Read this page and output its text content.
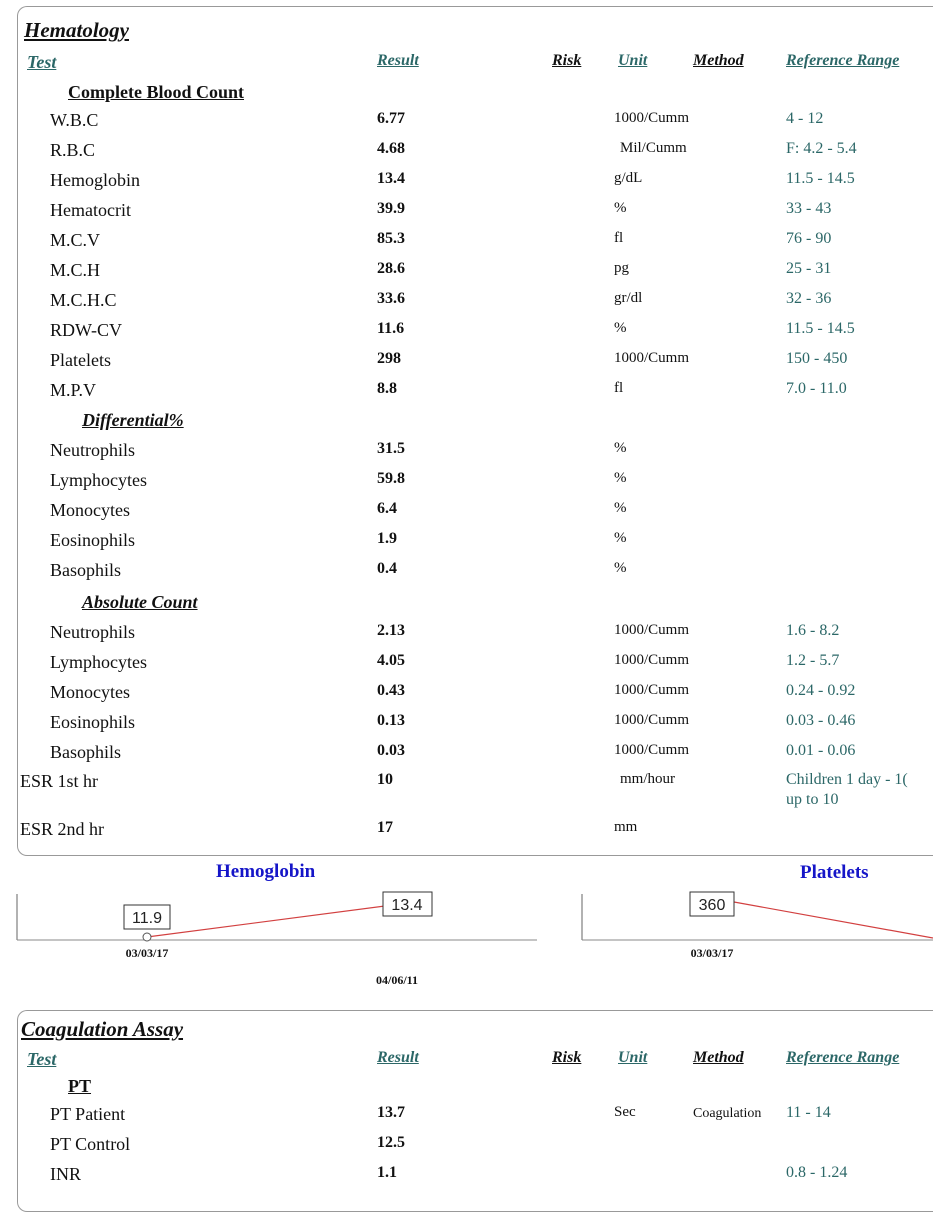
Hematology
Test	Result	Risk Unit	Method	Reference Range
Complete Blood Count
W.B.C	6.77	1000/Cumm	4 - 12
R.B.C	4.68	Mil/Cumm	F: 4.2 - 5.4
Hemoglobin	13.4	g/dL	11.5 - 14.5
Hematocrit	39.9	%	33 - 43
M.C.V	85.3	fl	76 - 90
M.C.H	28.6	pg	25 - 31
M.C.H.C	33.6	gr/dl	32 - 36
RDW-CV	11.6	%	11.5 - 14.5
Platelets	298	1000/Cumm	150 - 450
M.P.V	8.8	fl	7.0 - 11.0
Differential%
Neutrophils	31.5	%
Lymphocytes	59.8	%
Monocytes	6.4	%
Eosinophils	1.9	%
Basophils	0.4	%
Absolute Count
Neutrophils	2.13	1000/Cumm	1.6 - 8.2
Lymphocytes	4.05	1000/Cumm	1.2 - 5.7
Monocytes	0.43	1000/Cumm	0.24 - 0.92
Eosinophils	0.13	1000/Cumm	0.03 - 0.46
Basophils	0.03	1000/Cumm	0.01 - 0.06
ESR 1st hr	10	mm/hour	Children 1 day - 1(
up to 10
ESR 2nd hr	17	mm
Hemoglobin	Platelets
11.9
13.4
03/03/17
04/06/11
360
03/03/17
Coagulation Assay
Test	Result	Risk Unit	Method	Reference Range
PT
PT Patient	13.7	Sec	Coagulation 11 - 14
PT Control	12.5
INR	1.1	0.8 - 1.24
